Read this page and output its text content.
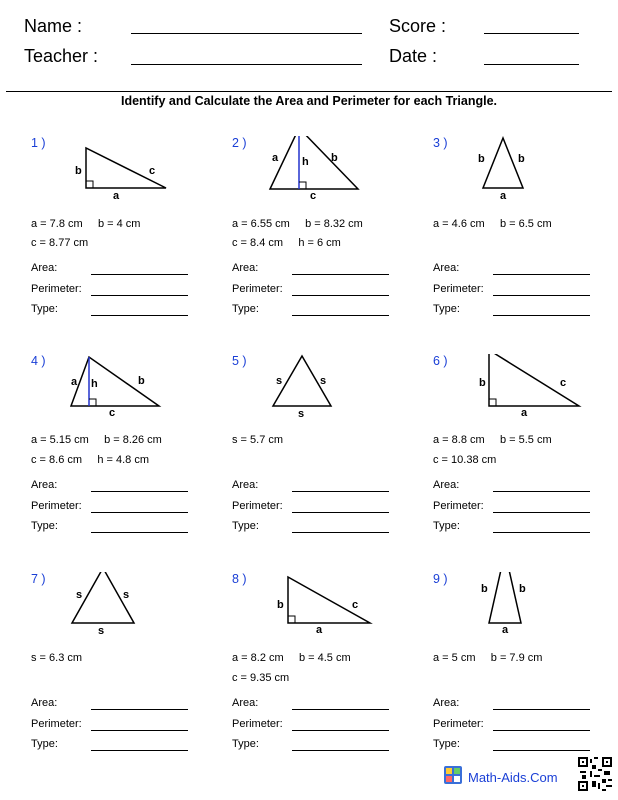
Name :	Score :
Teacher :	Date :
Identify and Calculate the Area and Perimeter for each Triangle.
1 )
b	c
a
a = 7.8 cm     b = 4 cm
c = 8.77 cm
Area:
Perimeter:
Type:
2 )
a h b
c
a = 6.55 cm     b = 8.32 cm
c = 8.4 cm     h = 6 cm
Area:
Perimeter:
Type:
3 )
b	b
a
a = 4.6 cm     b = 6.5 cm
Area:
Perimeter:
Type:
4 )
a h	b
c
a = 5.15 cm     b = 8.26 cm
c = 8.6 cm     h = 4.8 cm
Area:
Perimeter:
Type:
5 )
s	s
s
s = 5.7 cm
Area:
Perimeter:
Type:
6 )
b	c
a
a = 8.8 cm     b = 5.5 cm
c = 10.38 cm
Area:
Perimeter:
Type:
7 )
s	s
s
s = 6.3 cm
Area:
Perimeter:
Type:
8 )
b	c
a
a = 8.2 cm     b = 4.5 cm
c = 9.35 cm
Area:
Perimeter:
Type:
9 )
b	b
a
a = 5 cm     b = 7.9 cm
Area:
Perimeter:
Type:
Math-Aids.Com
